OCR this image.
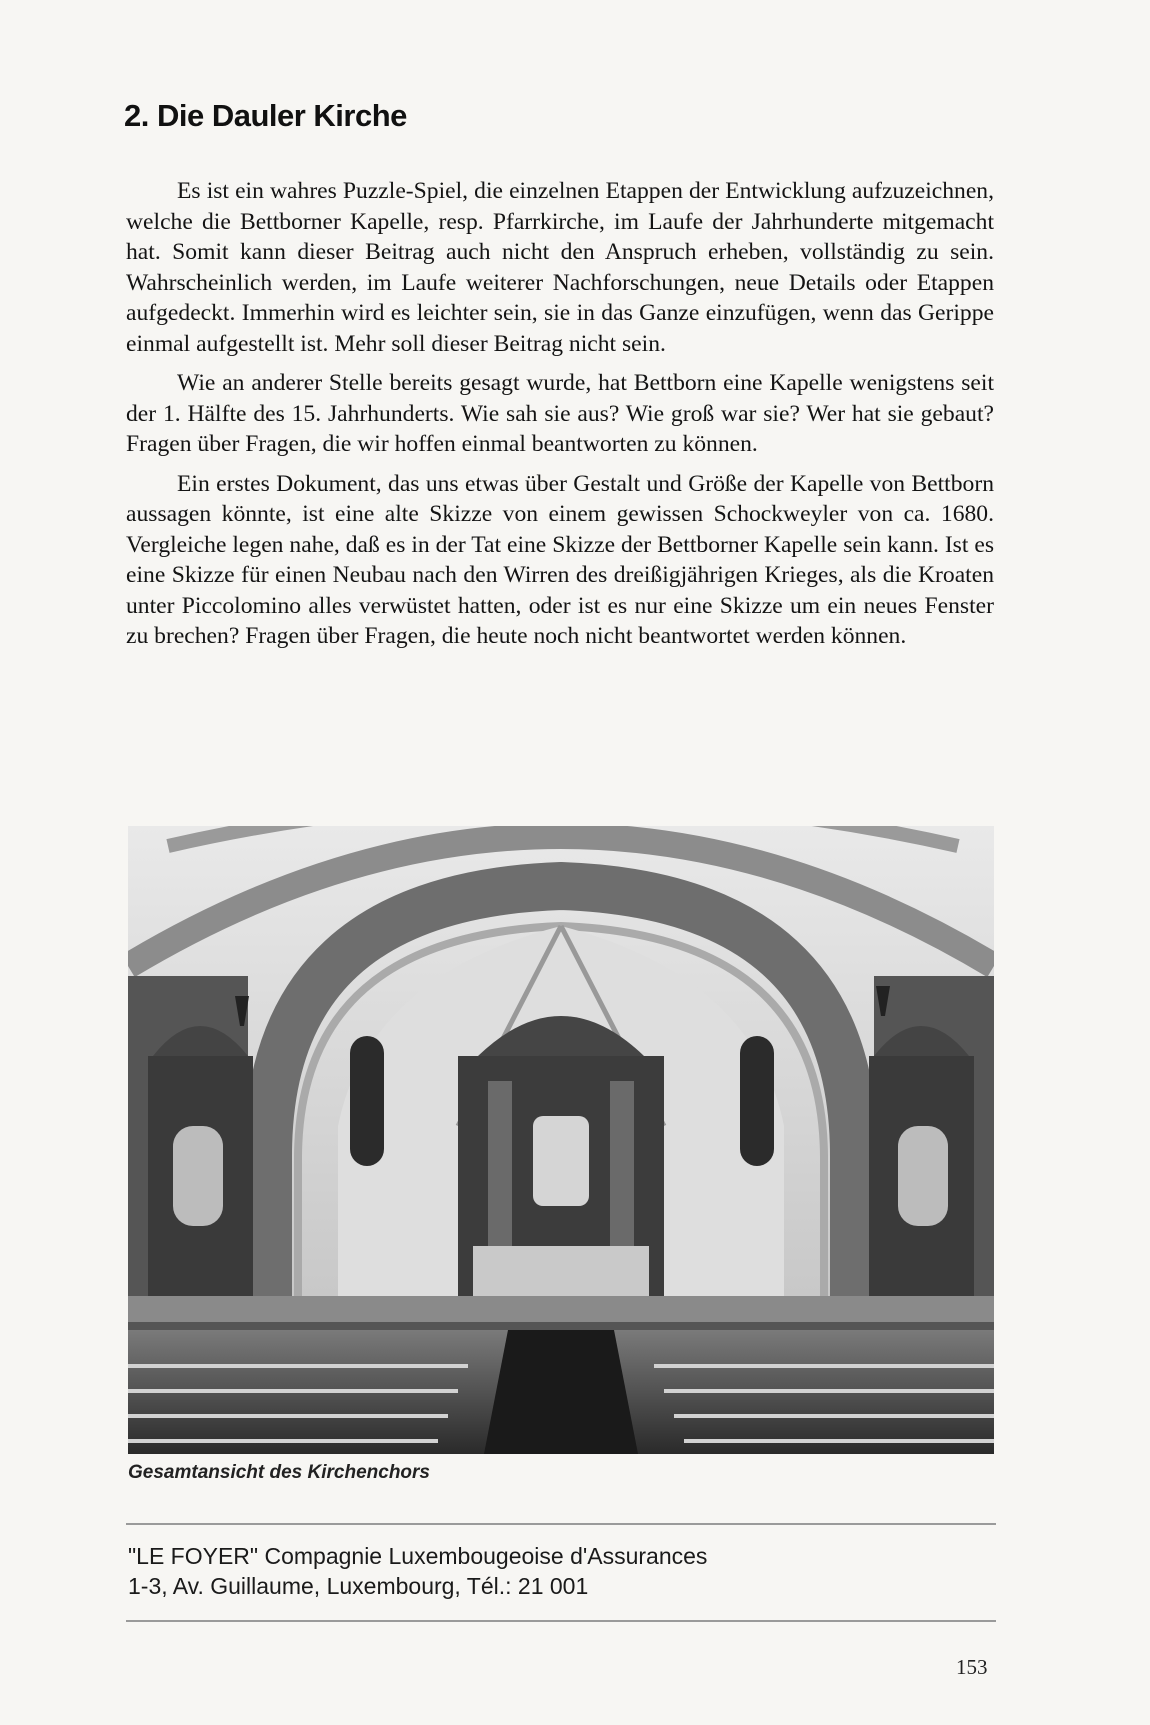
2. Die Dauler Kirche

Es ist ein wahres Puzzle-Spiel, die einzelnen Etappen der Entwicklung aufzuzeichnen, welche die Bettborner Kapelle, resp. Pfarrkirche, im Laufe der Jahrhunderte mitgemacht hat. Somit kann dieser Beitrag auch nicht den Anspruch erheben, vollständig zu sein. Wahrscheinlich werden, im Laufe weiterer Nachforschungen, neue Details oder Etappen aufgedeckt. Immerhin wird es leichter sein, sie in das Ganze einzufügen, wenn das Gerippe einmal aufgestellt ist. Mehr soll dieser Beitrag nicht sein.

Wie an anderer Stelle bereits gesagt wurde, hat Bettborn eine Kapelle wenigstens seit der 1. Hälfte des 15. Jahrhunderts. Wie sah sie aus? Wie groß war sie? Wer hat sie gebaut? Fragen über Fragen, die wir hoffen einmal beantworten zu können.

Ein erstes Dokument, das uns etwas über Gestalt und Größe der Kapelle von Bettborn aussagen könnte, ist eine alte Skizze von einem gewissen Schockweyler von ca. 1680. Vergleiche legen nahe, daß es in der Tat eine Skizze der Bettborner Kapelle sein kann. Ist es eine Skizze für einen Neubau nach den Wirren des dreißigjährigen Krieges, als die Kroaten unter Piccolomino alles verwüstet hatten, oder ist es nur eine Skizze um ein neues Fenster zu brechen? Fragen über Fragen, die heute noch nicht beantwortet werden können.

Gesamtansicht des Kirchenchors
"LE FOYER" Compagnie Luxembougeoise d'Assurances
1-3, Av. Guillaume, Luxembourg, Tél.: 21 001
153
